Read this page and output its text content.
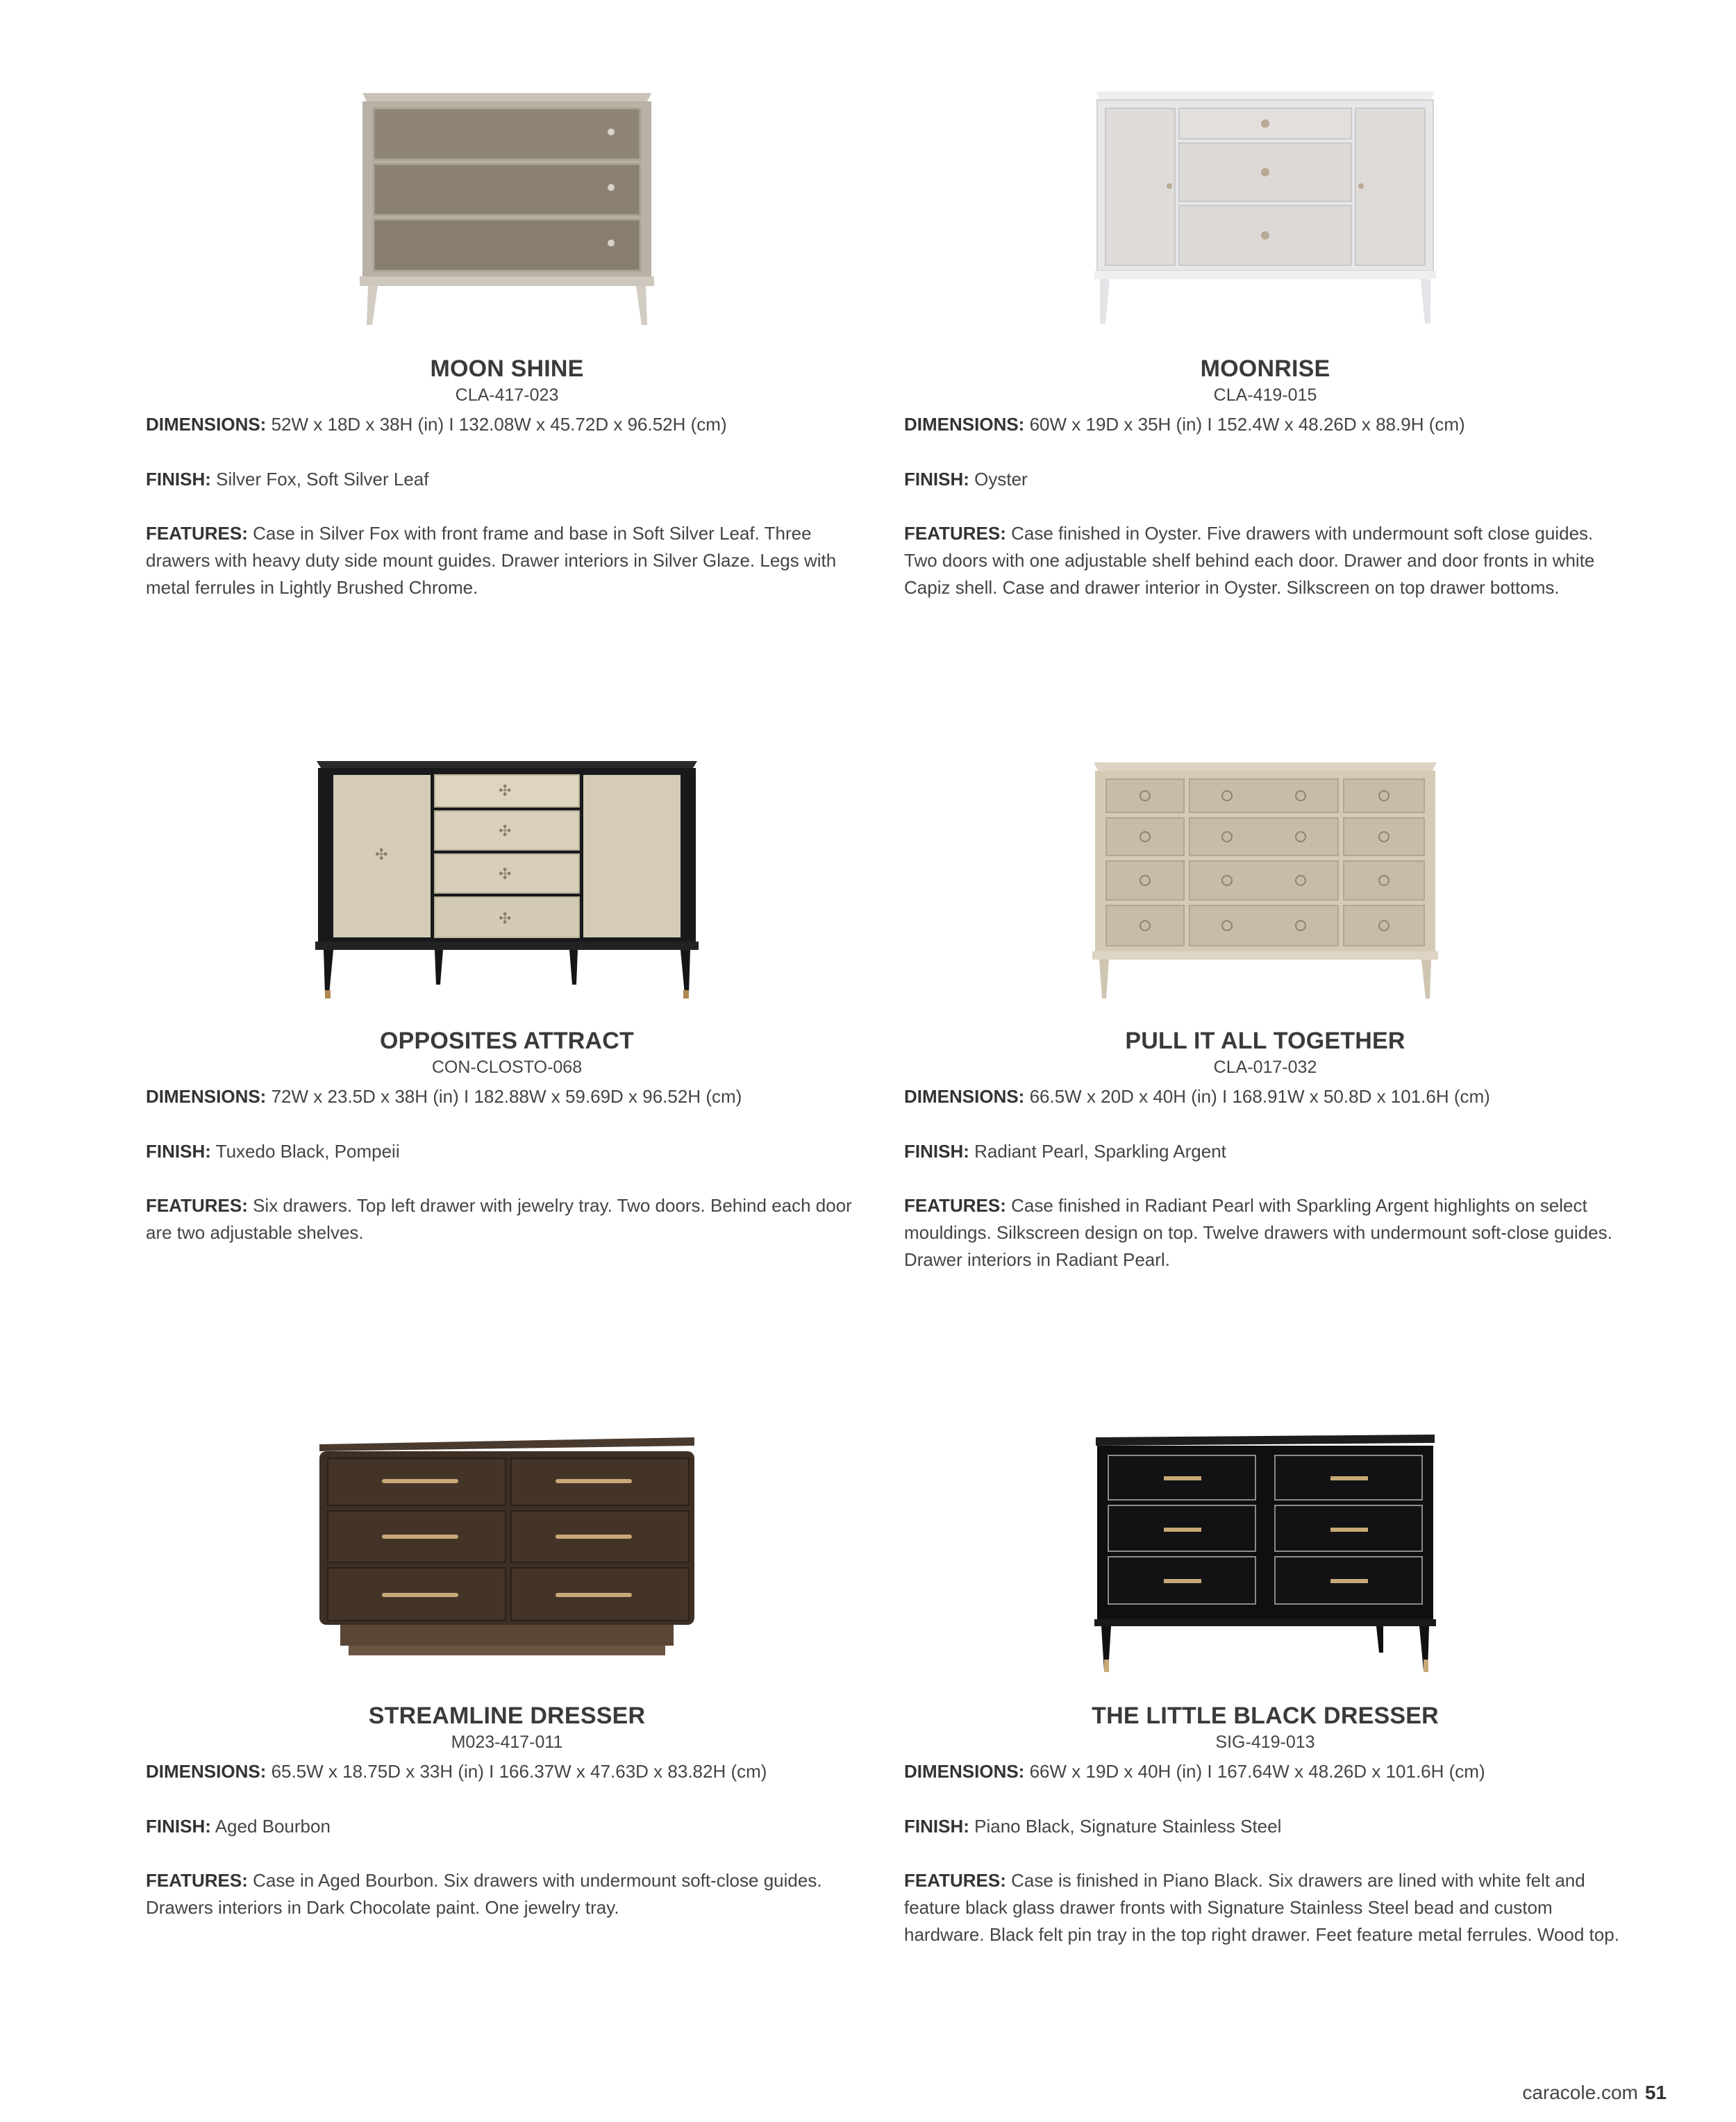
MOON SHINE
CLA-417-023
DIMENSIONS: 52W x 18D x 38H (in) I 132.08W x 45.72D x 96.52H (cm)
FINISH: Silver Fox, Soft Silver Leaf
FEATURES: Case in Silver Fox with front frame and base in Soft Silver Leaf. Three drawers with heavy duty side mount guides. Drawer interiors in Silver Glaze. Legs with metal ferrules in Lightly Brushed Chrome.
MOONRISE
CLA-419-015
DIMENSIONS: 60W x 19D x 35H (in) I 152.4W x 48.26D x 88.9H (cm)
FINISH: Oyster
FEATURES: Case finished in Oyster. Five drawers with undermount soft close guides. Two doors with one adjustable shelf behind each door. Drawer and door fronts in white Capiz shell. Case and drawer interior in Oyster. Silkscreen on top drawer bottoms.
✣
✣
✣
✣
✣
OPPOSITES ATTRACT
CON-CLOSTO-068
DIMENSIONS: 72W x 23.5D x 38H (in) I 182.88W x 59.69D x 96.52H (cm)
FINISH: Tuxedo Black, Pompeii
FEATURES: Six drawers. Top left drawer with jewelry tray. Two doors. Behind each door are two adjustable shelves.
PULL IT ALL TOGETHER
CLA-017-032
DIMENSIONS: 66.5W x 20D x 40H (in) I 168.91W x 50.8D x 101.6H (cm)
FINISH: Radiant Pearl, Sparkling Argent
FEATURES: Case finished in Radiant Pearl with Sparkling Argent highlights on select mouldings. Silkscreen design on top. Twelve drawers with undermount soft-close guides. Drawer interiors in Radiant Pearl.
STREAMLINE DRESSER
M023-417-011
DIMENSIONS: 65.5W x 18.75D x 33H (in) I 166.37W x 47.63D x 83.82H (cm)
FINISH: Aged Bourbon
FEATURES: Case in Aged Bourbon. Six drawers with undermount soft-close guides. Drawers interiors in Dark Chocolate paint. One jewelry tray.
THE LITTLE BLACK DRESSER
SIG-419-013
DIMENSIONS: 66W x 19D x 40H (in) I 167.64W x 48.26D x 101.6H (cm)
FINISH: Piano Black, Signature Stainless Steel
FEATURES: Case is finished in Piano Black. Six drawers are lined with white felt and feature black glass drawer fronts with Signature Stainless Steel bead and custom hardware. Black felt pin tray in the top right drawer. Feet feature metal ferrules. Wood top.
caracole.com 51
